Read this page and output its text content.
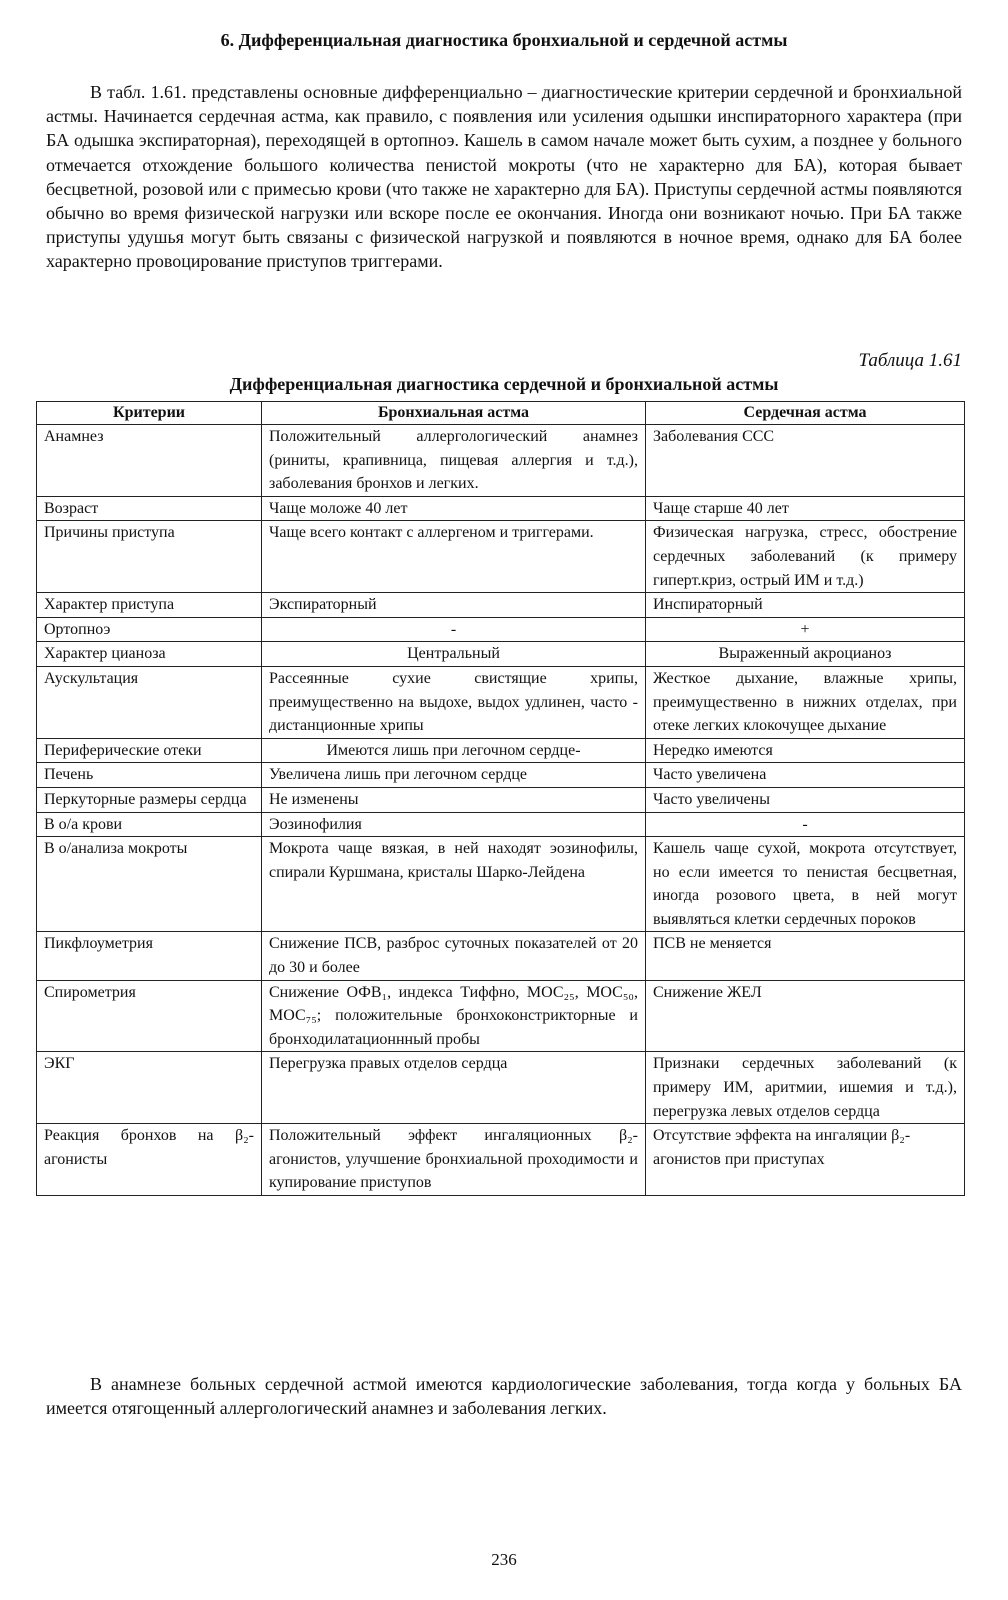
6. Дифференциальная диагностика бронхиальной и сердечной астмы

В табл. 1.61. представлены основные дифференциально – диагностические критерии сердечной и бронхиальной астмы. Начинается сердечная астма, как правило, с появления или усиления одышки инспираторного характера (при БА одышка экспираторная), переходящей в ортопноэ. Кашель в самом начале может быть сухим, а позднее у больного отмечается отхождение большого количества пенистой мокроты (что не характерно для БА), которая бывает бесцветной, розовой или с примесью крови (что также не характерно для БА). Приступы сердечной астмы появляются обычно во время физической нагрузки или вскоре после ее окончания. Иногда они возникают ночью. При БА также приступы удушья могут быть связаны с физической нагрузкой и появляются в ночное время, однако для БА более характерно провоцирование приступов триггерами.

Таблица 1.61
Дифференциальная диагностика сердечной и бронхиальной астмы
Критерии	Бронхиальная астма	Сердечная астма
Анамнез	Положительный аллергологический анамнез (риниты, крапивница, пищевая аллергия и т.д.), заболевания бронхов и легких.	Заболевания ССС
Возраст	Чаще моложе 40 лет	Чаще старше 40 лет
Причины приступа	Чаще всего контакт с аллергеном и триггерами.	Физическая нагрузка, стресс, обострение сердечных заболеваний (к примеру гиперт.криз, острый ИМ и т.д.)
Характер приступа	Экспираторный	Инспираторный
Ортопноэ	-	+
Характер цианоза	Центральный	Выраженный акроцианоз
Аускультация	Рассеянные сухие свистящие хрипы, преимущественно на выдохе, выдох удлинен, часто - дистанционные хрипы	Жесткое дыхание, влажные хрипы, преимущественно в нижних отделах, при отеке легких клокочущее дыхание
Периферические отеки	Имеются лишь при легочном сердце-	Нередко имеются
Печень	Увеличена лишь при легочном сердце	Часто увеличена
Перкуторные размеры сердца	Не изменены	Часто увеличены
В о/а крови	Эозинофилия	-
В о/анализа мокроты	Мокрота чаще вязкая, в ней находят эозинофилы, спирали Куршмана, кристалы Шарко-Лейдена	Кашель чаще сухой, мокрота отсутствует, но если имеется то пенистая бесцветная, иногда розового цвета, в ней могут выявляться клетки сердечных пороков
Пикфлоуметрия	Снижение ПСВ, разброс суточных показателей от 20 до 30 и более	ПСВ не меняется
Спирометрия	Снижение ОФВ₁, индекса Тиффно, МОС₂₅, МОС₅₀, МОС₇₅; положительные бронхоконстрикторные и бронходилатационнный пробы	Снижение ЖЕЛ
ЭКГ	Перегрузка правых отделов сердца	Признаки сердечных заболеваний (к примеру ИМ, аритмии, ишемия и т.д.), перегрузка левых отделов сердца
Реакция бронхов на β₂-агонисты	Положительный эффект ингаляционных β₂-агонистов, улучшение бронхиальной проходимости и купирование приступов	Отсутствие эффекта на ингаляции β₂-агонистов при приступах

В анамнезе больных сердечной астмой имеются кардиологические заболевания, тогда когда у больных БА имеется отягощенный аллергологический анамнез и заболевания легких.

236
